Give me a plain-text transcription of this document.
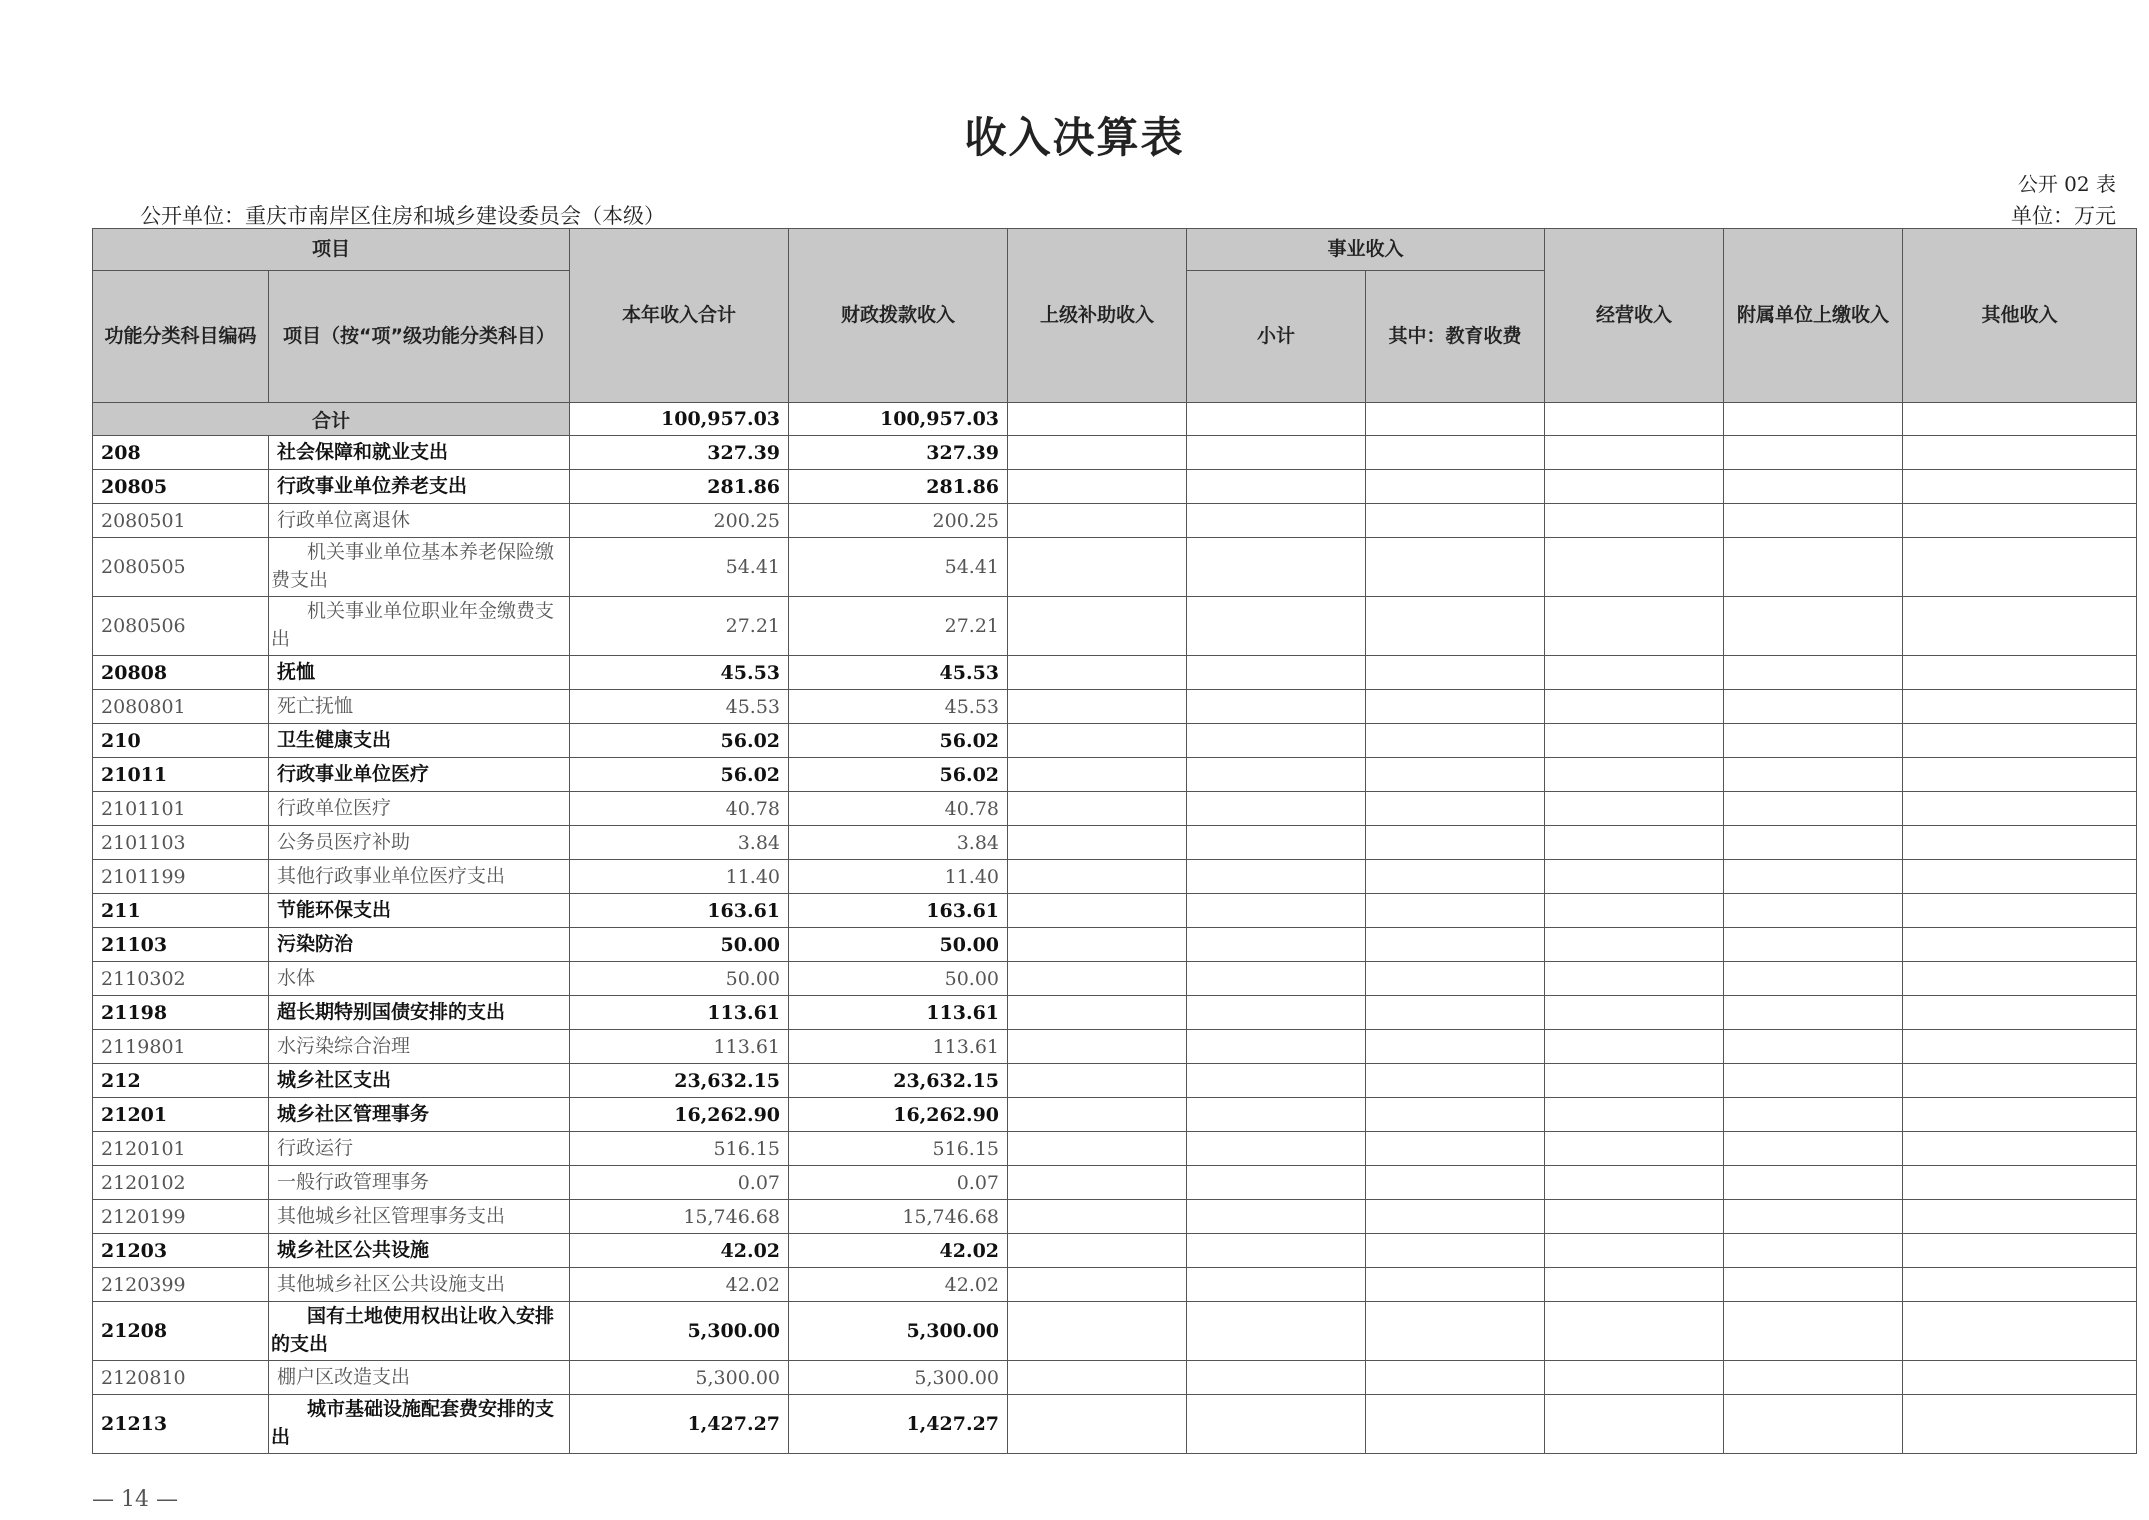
收入决算表
公开 02 表
公开单位：重庆市南岸区住房和城乡建设委员会（本级）	单位：万元
项目		本年收入合计	财政拨款收入	上级补助收入	事业收入		经营收入	附属单位上缴收入	其他收入
功能分类科目编码	项目（按“项”级功能分类科目）				小计	其中：教育收费			
合计		100,957.03	100,957.03						
208	社会保障和就业支出	327.39	327.39						
20805	行政事业单位养老支出	281.86	281.86						
2080501	行政单位离退休	200.25	200.25						
2080505	机关事业单位基本养老保险缴费支出	54.41	54.41						
2080506	机关事业单位职业年金缴费支出	27.21	27.21						
20808	抚恤	45.53	45.53						
2080801	死亡抚恤	45.53	45.53						
210	卫生健康支出	56.02	56.02						
21011	行政事业单位医疗	56.02	56.02						
2101101	行政单位医疗	40.78	40.78						
2101103	公务员医疗补助	3.84	3.84						
2101199	其他行政事业单位医疗支出	11.40	11.40						
211	节能环保支出	163.61	163.61						
21103	污染防治	50.00	50.00						
2110302	水体	50.00	50.00						
21198	超长期特别国债安排的支出	113.61	113.61						
2119801	水污染综合治理	113.61	113.61						
212	城乡社区支出	23,632.15	23,632.15						
21201	城乡社区管理事务	16,262.90	16,262.90						
2120101	行政运行	516.15	516.15						
2120102	一般行政管理事务	0.07	0.07						
2120199	其他城乡社区管理事务支出	15,746.68	15,746.68						
21203	城乡社区公共设施	42.02	42.02						
2120399	其他城乡社区公共设施支出	42.02	42.02						
21208	国有土地使用权出让收入安排的支出	5,300.00	5,300.00						
2120810	棚户区改造支出	5,300.00	5,300.00						
21213	城市基础设施配套费安排的支出	1,427.27	1,427.27						
— 14 —
